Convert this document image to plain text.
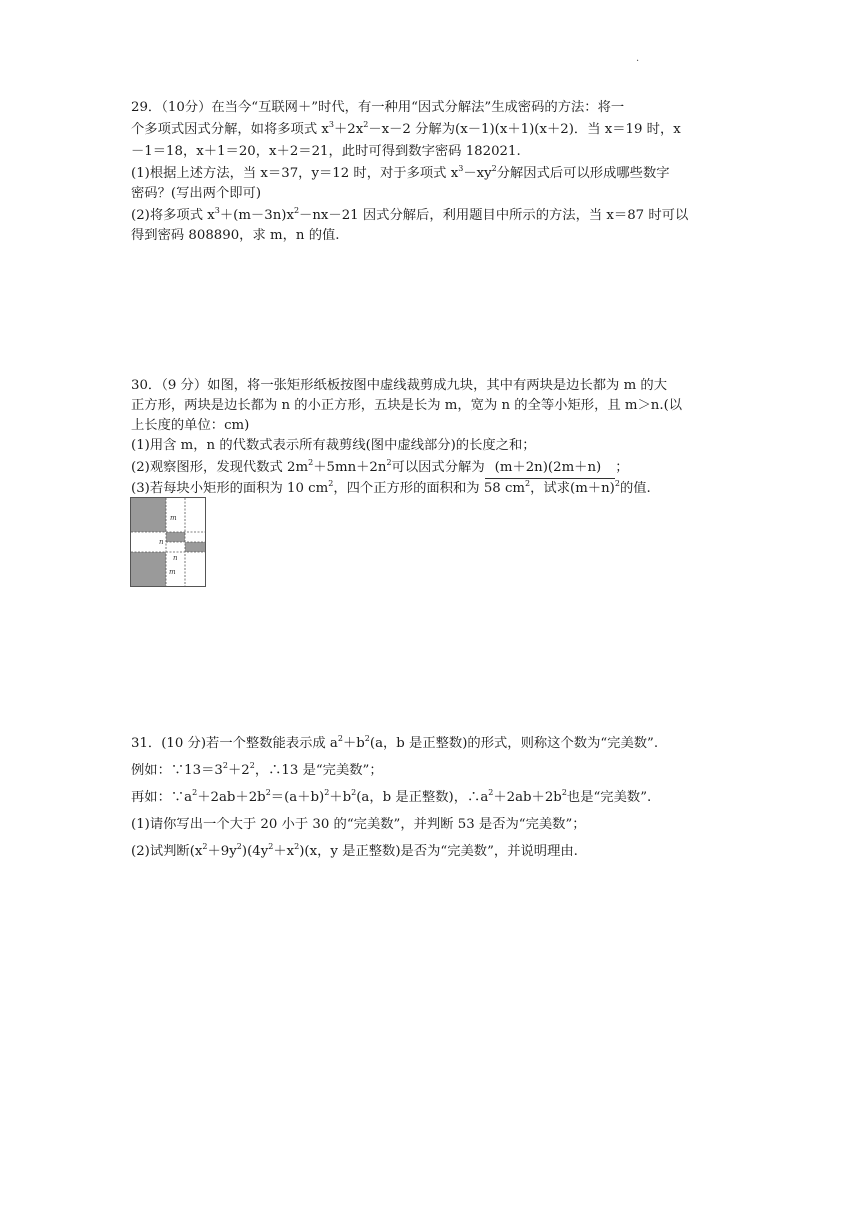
·
29．（10分）在当今“互联网＋”时代，有一种用“因式分解法”生成密码的方法：将一
个多项式因式分解，如将多项式 $x^3+2x^2-x-2$ 分解为(x－1)(x＋1)(x＋2)．当 x＝19 时，x
－1＝18，x＋1＝20，x＋2＝21，此时可得到数字密码 182021.
(1)根据上述方法，当 x＝37，y＝12 时，对于多项式 $x^3-xy^2$分解因式后可以形成哪些数字
密码？(写出两个即可)
(2)将多项式 $x^3+(m-3n)x^2-nx-21$ 因式分解后，利用题目中所示的方法，当 x＝87 时可以
得到密码 808890，求 m，n 的值.
30．（9 分）如图，将一张矩形纸板按图中虚线裁剪成九块，其中有两块是边长都为 m 的大
正方形，两块是边长都为 n 的小正方形，五块是长为 m，宽为 n 的全等小矩形，且 m＞n.(以
上长度的单位：cm)
(1)用含 m，n 的代数式表示所有裁剪线(图中虚线部分)的长度之和；
(2)观察图形，发现代数式 $2m^2+5mn+2n^2$可以因式分解为 (m＋2n)(2m＋n) ；
(3)若每块小矩形的面积为 10 $cm^2$，四个正方形的面积和为 58 $cm^2$，试求$(m+n)^2$的值.
m
n
n
m
31．(10 分)若一个整数能表示成 $a^2+b^2(a$，b 是正整数)的形式，则称这个数为“完美数”.
例如：$\because 13=3^2+2^2$，∴13 是“完美数”；
再如：$\because a^2+2ab+2b^2=(a+b)^2+b^2(a$，b 是正整数)，$\therefore a^2+2ab+2b^2$也是“完美数”.
(1)请你写出一个大于 20 小于 30 的“完美数”，并判断 53 是否为“完美数”；
(2)试判断$(x^2+9y^2)(4y^2+x^2)(x$，y 是正整数)是否为“完美数”，并说明理由.
